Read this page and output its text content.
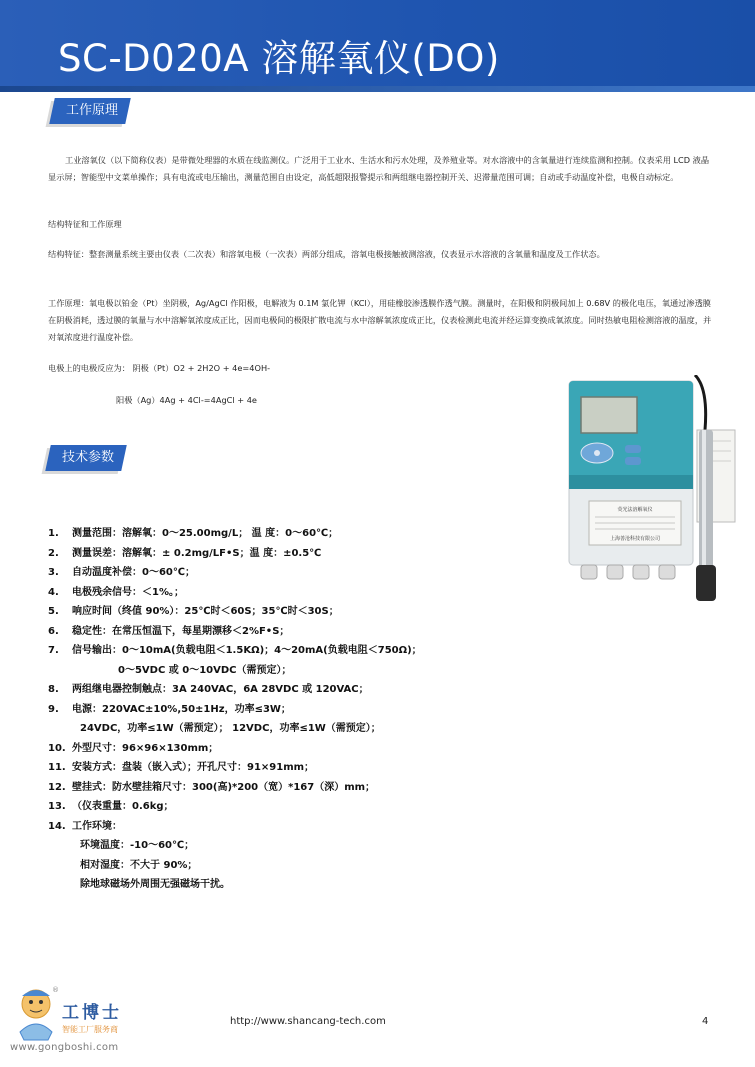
SC-D020A 溶解氧仪(DO)
工作原理

工业溶氧仪（以下简称仪表）是带微处理器的水质在线监测仪。广泛用于工业水、生活水和污水处理，及养殖业等。对水溶液中的含氧量进行连续监测和控制。仪表采用 LCD 液晶显示屏；智能型中文菜单操作；具有电流或电压输出，测量范围自由设定，高低超限报警提示和两组继电器控制开关、迟滞量范围可调；自动或手动温度补偿，电极自动标定。

结构特征和工作原理

结构特征：整套测量系统主要由仪表（二次表）和溶氧电极（一次表）两部分组成，溶氧电极接触被测溶液，仪表显示水溶液的含氧量和温度及工作状态。

工作原理：氧电极以铂金（Pt）坐阴极，Ag/AgCl 作阳极，电解液为 0.1M 氯化钾（KCl），用硅橡胶渗透膜作透气膜。测量时，在阳极和阴极间加上 0.68V 的极化电压，氧通过渗透膜在阴极消耗，透过膜的氧量与水中溶解氧浓度成正比，因而电极间的极限扩散电流与水中溶解氧浓度成正比，仪表检测此电流并经运算变换成氧浓度。同时热敏电阻检测溶液的温度，并对氧浓度进行温度补偿。

电极上的电极反应为： 阴极（Pt）O2 + 2H2O + 4e=4OH-

阳极（Ag）4Ag + 4Cl-=4AgCl + 4e

技术参数
1.	测量范围：溶解氧：0～25.00mg/L； 温 度：0～60℃；
2.	测量误差：溶解氧：± 0.2mg/LF•S；温 度：±0.5℃
3.	自动温度补偿：0～60℃；
4.	电极残余信号：＜1%。；
5.	响应时间（终值 90%）：25℃时＜60S；35℃时＜30S；
6.	稳定性：在常压恒温下，每星期漂移＜2%F•S；
7.	信号输出：0～10mA(负载电阻＜1.5KΩ)；4～20mA(负载电阻＜750Ω)；
0～5VDC 或 0～10VDC（需预定）；
8.	两组继电器控制触点：3A 240VAC，6A 28VDC 或 120VAC；
9.	电源：220VAC±10%,50±1Hz，功率≤3W；
24VDC，功率≤1W（需预定）； 12VDC，功率≤1W（需预定）；
10. 外型尺寸：96×96×130mm；
11. 安装方式：盘装（嵌入式）；开孔尺寸：91×91mm；
12. 壁挂式：防水壁挂箱尺寸：300(高)*200（宽）*167（深）mm；
13. （仪表重量：0.6kg；
14. 工作环境：
环境温度：-10～60℃；
相对湿度：不大于 90%；
除地球磁场外周围无强磁场干扰。
荧光法溶解氧仪
上海善沧科技有限公司
®
工博士
智能工厂服务商
www.gongboshi.com
http://www.shancang-tech.com	4
